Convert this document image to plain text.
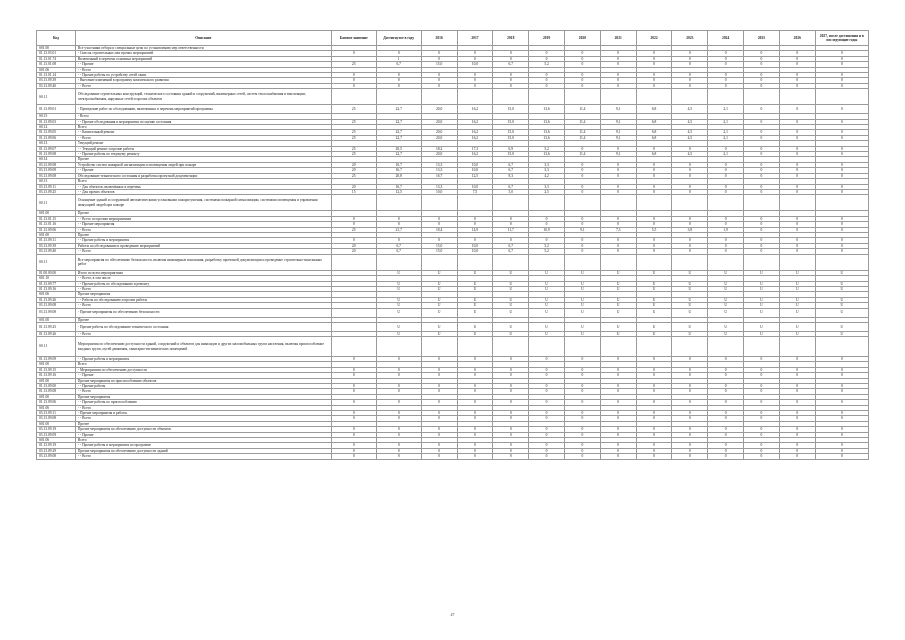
Код	Описание	Базовое значение	Достигнутое в году	2016	2017	2018	2019	2020	2021	2022	2023	2024	2025	2026	2027, после достижения и в последующие годы
S01.00	Все участники отбора и специальные цели по установлению мер ответственности														
01.13.03.01	- Список строительных или прочих мероприятий	0	0	0	0	0	0	0	0	0	0	0	0	0	0
01.13.01.74	Включенный в перечень основных мероприятий		1	0	0	0	0	0	0	0	0	0	0	0	0
01.13.01.08	- - Прочие	25	6,7	15,0	10,0	6,7	5,2	0	0	0	0	0	0	0	0
S01.06	- - Всего														
01.13.01.14	- - Прочие работы по устройству сетей связи	0	0	0	0	0	0	0	0	0	0	0	0	0	0
03.13.09.39	- Внесение изменений в программу комплексного развития	0	0	0	0	0	0	0	0	0	0	0	0	0	0
03.13.09.40	- - Всего	0	0	0	0	0	0	0	0	0	0	0	0	0	0
S0.11	Обследование строительных конструкций, технического состояния зданий и сооружений, инженерных сетей, систем теплоснабжения и вентиляции, электроснабжения, наружных сетей и прочих объектов														
01.13.09.01	- Проведение работ по обследованию, включенных в перечень мероприятий программы	25	22,7	20,0	16,2	15,0	13,6	11,4	9,1	6,8	4,5	2,1	0	0	0
S0.15	- Всего														
01.13.09.03	- - Прочие обследования и мероприятия по оценке состояния	25	22,7	20,0	16,2	15,0	13,6	11,4	9,1	6,8	4,5	2,1	0	0	0
S0.12	Всего														
01.13.09.05	- - Капитальный ремонт	25	22,7	20,0	16,2	15,0	13,6	11,4	9,1	6,8	4,5	2,1	0	0	0
01.13.09.06	- - Всего	25	22,7	20,0	16,2	15,0	13,6	11,4	9,1	6,8	4,5	2,1	0	0	0
S0.13	Текущий ремонт														
01.13.09.07	- - Текущий ремонт и прочие работы	25	20,5	18,2	17,3	6,9	5,2	0	0	0	0	0	0	0	0
01.13.09.08	- - Прочие работы по текущему ремонту	25	22,7	20,0	16,2	15,0	13,6	11,4	9,1	6,8	4,5	2,1	0	0	0
S0.14	Прочее														
03.13.09.08	Устройство систем пожарной сигнализации и оповещения людей при пожаре	20	16,7	13,3	10,0	6,7	3,3	0	0	0	0	0	0	0	0
03.13.09.09	- - Прочие	20	16,7	13,3	10,0	6,7	3,3	0	0	0	0	0	0	0	0
03.13.09.08	Обследование технического состояния и разработка проектной документации	25	20,8	16,7	12,5	8,3	4,2	0	0	0	0	0	0	0	0
S0.13	Всего														
03.13.09.11	- - Для объектов, включённых в перечень	20	16,7	13,3	10,0	6,7	3,3	0	0	0	0	0	0	0	0
03.13.09.25	- - Для прочих объектов	15	12,5	10,0	7,5	5,0	2,5	0	0	0	0	0	0	0	0
S0.11	Оснащение зданий и сооружений автоматическими установками пожаротушения, системами пожарной сигнализации, системами оповещения и управления эвакуацией людей при пожаре														
S01.00	Прочее														
01.13.01.15	- - Всего по прочим мероприятиям	0	0	0	0	0	0	0	0	0	0	0	0	0	0
01.13.01.16	- - Прочие мероприятия	0	0	0	0	0	0	0	0	0	0	0	0	0	0
01.13.09.06	- - Всего	25	21,7	18,4	14,9	11,7	10,9	9,1	7,3	5,5	3,8	1,9	0	0	0
S01.00	Прочее														
01.13.09.11	- - Прочие работы и мероприятия	0	0	0	0	0	0	0	0	0	0	0	0	0	0
03.13.09.39	Работы по обследованию и проведению мероприятий	20	6,7	15,0	10,0	6,7	5,2	0	0	0	0	0	0	0	0
03.13.09.40	- - Всего	20	6,7	15,0	10,0	6,7	5,2	0	0	0	0	0	0	0	0
S0.11	Все мероприятия по обеспечению безопасности, включая инженерные изыскания, разработку проектной документации и проведение строительно-монтажных работ														
01.00.00.00	Итого по всем мероприятиям		U	U	U	U	U	U	U	U	U	U	U	U	U
S01.10	- - Всего, в том числе														
01.13.09.77	- - Прочие работы по обследованию и ремонту		U	U	U	U	U	U	U	U	U	U	U	U	U
01.13.09.16	- - Всего		U	U	U	U	U	U	U	U	U	U	U	U	U
S01.06	Прочие мероприятия														
01.13.09.26	- - Работы по обследованию и прочие работы		U	U	U	U	U	U	U	U	U	U	U	U	U
03.13.09.08	- - Всего		U	U	U	U	U	U	U	U	U	U	U	U	U
03.13.09.08	- Прочие мероприятия по обеспечению безопасности		U	U	U	U	U	U	U	U	U	U	U	U	U
S01.00	Прочее														
01.13.09.25	- Прочие работы по обследованию технического состояния		U	U	U	U	U	U	U	U	U	U	U	U	U
01.13.09.26	- - Всего		U	U	U	U	U	U	U	U	U	U	U	U	U
S0.11	Мероприятия по обеспечению доступности зданий, сооружений и объектов для инвалидов и других маломобильных групп населения, включая приспособление входных групп, путей движения, санитарно-гигиенических помещений														
01.13.09.09	- - Прочие работы и мероприятия	0	0	0	0	0	0	0	0	0	0	0	0	0	0
S01.00	Всего														
01.13.09.15	- Мероприятия по обеспечению доступности	0	0	0	0	0	0	0	0	0	0	0	0	0	0
01.13.09.16	- - Прочие	0	0	0	0	0	0	0	0	0	0	0	0	0	0
S01.00	Прочие мероприятия по приспособлению объектов														
01.13.09.00	- - Прочие работы	0	0	0	0	0	0	0	0	0	0	0	0	0	0
01.13.09.08	- - Всего	0	0	0	0	0	0	0	0	0	0	0	0	0	0
S01.00	Прочие мероприятия														
01.13.09.06	- - Прочие работы по приспособлению	0	0	0	0	0	0	0	0	0	0	0	0	0	0
S01.06	- - Всего														
03.13.09.11	- Прочие мероприятия и работы	0	0	0	0	0	0	0	0	0	0	0	0	0	0
03.13.09.08	- - Всего	0	0	0	0	0	0	0	0	0	0	0	0	0	0
S01.00	Прочее														
03.13.09.19	Прочие мероприятия по обеспечению доступности объектов	0	0	0	0	0	0	0	0	0	0	0	0	0	0
03.13.09.09	- - Прочие	0	0	0	0	0	0	0	0	0	0	0	0	0	0
S01.06	Всего														
01.13.09.19	- - Прочие работы и мероприятия по программе	0	0	0	0	0	0	0	0	0	0	0	0	0	0
03.13.09.29	Прочие мероприятия по обеспечению доступности зданий	0	0	0	0	0	0	0	0	0	0	0	0	0	0
03.13.09.08	- - Всего	0	0	0	0	0	0	0	0	0	0	0	0	0	0
47
